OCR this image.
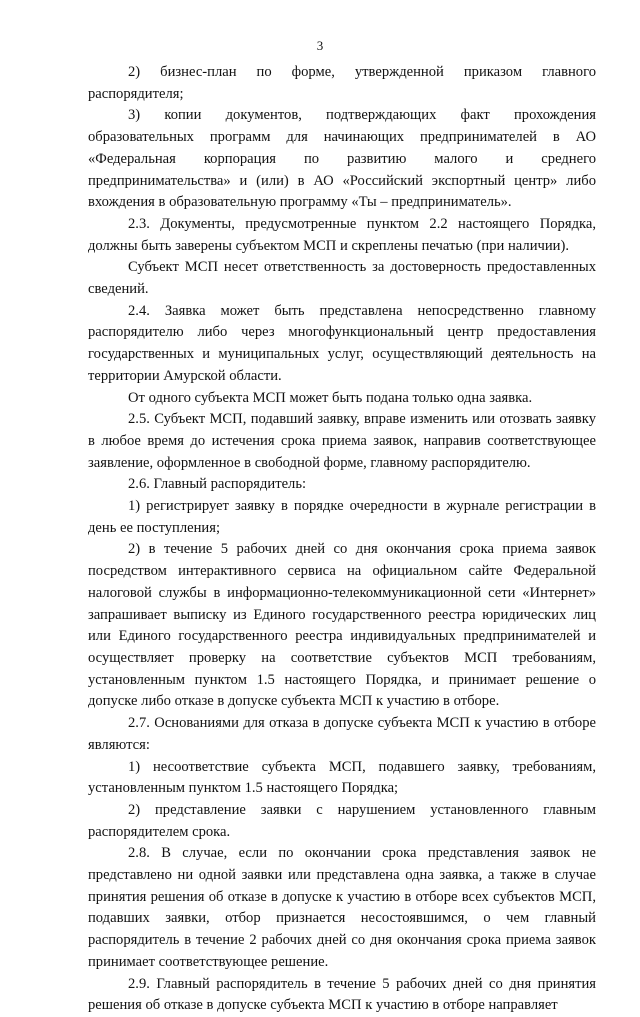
3

2) бизнес-план по форме, утвержденной приказом главного распорядителя;

3) копии документов, подтверждающих факт прохождения образовательных программ для начинающих предпринимателей в АО «Федеральная корпорация по развитию малого и среднего предпринимательства» и (или) в АО «Российский экспортный центр» либо вхождения в образовательную программу «Ты – предприниматель».

2.3. Документы, предусмотренные пунктом 2.2 настоящего Порядка, должны быть заверены субъектом МСП и скреплены печатью (при наличии).

Субъект МСП несет ответственность за достоверность предоставленных сведений.

2.4. Заявка может быть представлена непосредственно главному распорядителю либо через многофункциональный центр предоставления государственных и муниципальных услуг, осуществляющий деятельность на территории Амурской области.

От одного субъекта МСП может быть подана только одна заявка.

2.5. Субъект МСП, подавший заявку, вправе изменить или отозвать заявку в любое время до истечения срока приема заявок, направив соответствующее заявление, оформленное в свободной форме, главному распорядителю.

2.6. Главный распорядитель:

1) регистрирует заявку в порядке очередности в журнале регистрации в день ее поступления;

2) в течение 5 рабочих дней со дня окончания срока приема заявок посредством интерактивного сервиса на официальном сайте Федеральной налоговой службы в информационно-телекоммуникационной сети «Интернет» запрашивает выписку из Единого государственного реестра юридических лиц или Единого государственного реестра индивидуальных предпринимателей и осуществляет проверку на соответствие субъектов МСП требованиям, установленным пунктом 1.5 настоящего Порядка, и принимает решение о допуске либо отказе в допуске субъекта МСП к участию в отборе.

2.7. Основаниями для отказа в допуске субъекта МСП к участию в отборе являются:

1) несоответствие субъекта МСП, подавшего заявку, требованиям, установленным пунктом 1.5 настоящего Порядка;

2) представление заявки с нарушением установленного главным распорядителем срока.

2.8. В случае, если по окончании срока представления заявок не представлено ни одной заявки или представлена одна заявка, а также в случае принятия решения об отказе в допуске к участию в отборе всех субъектов МСП, подавших заявки, отбор признается несостоявшимся, о чем главный распорядитель в течение 2 рабочих дней со дня окончания срока приема заявок принимает соответствующее решение.

2.9. Главный распорядитель в течение 5 рабочих дней со дня принятия решения об отказе в допуске субъекта МСП к участию в отборе направляет
